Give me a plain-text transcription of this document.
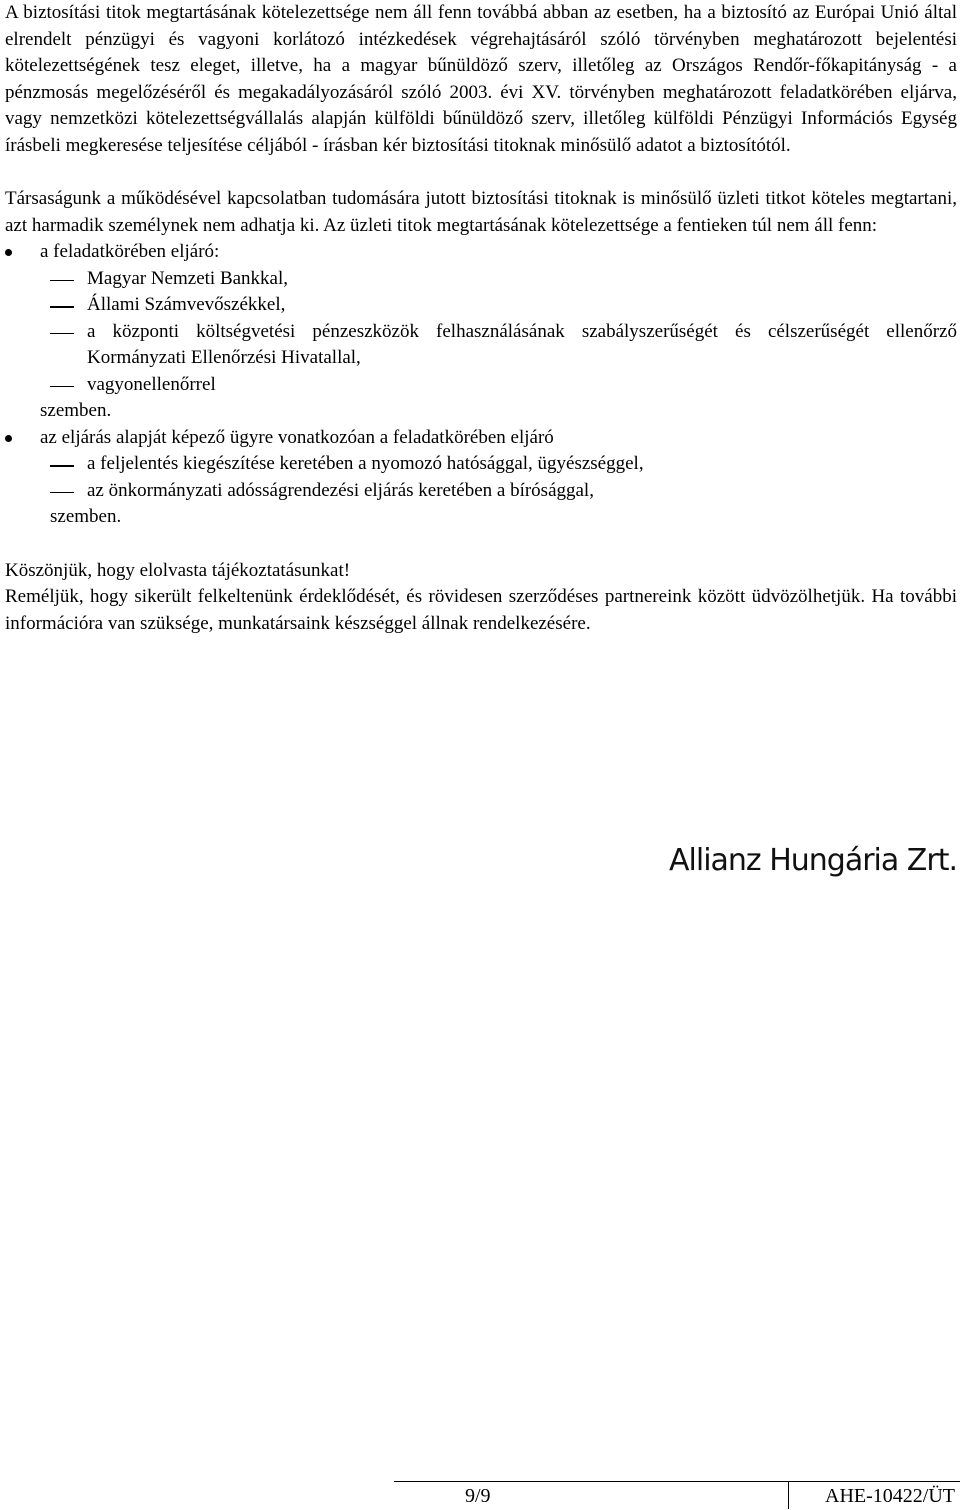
A biztosítási titok megtartásának kötelezettsége nem áll fenn továbbá abban az esetben, ha a biztosító az Európai Unió által elrendelt pénzügyi és vagyoni korlátozó intézkedések végrehajtásáról szóló törvényben meghatározott bejelentési kötelezettségének tesz eleget, illetve, ha a magyar bűnüldöző szerv, illetőleg az Országos Rendőr-főkapitányság - a pénzmosás megelőzéséről és megakadályozásáról szóló 2003. évi XV. törvényben meghatározott feladatkörében eljárva, vagy nemzetközi kötelezettségvállalás alapján külföldi bűnüldöző szerv, illetőleg külföldi Pénzügyi Információs Egység írásbeli megkeresése teljesítése céljából - írásban kér biztosítási titoknak minősülő adatot a biztosítótól.

Társaságunk a működésével kapcsolatban tudomására jutott biztosítási titoknak is minősülő üzleti titkot köteles megtartani, azt harmadik személynek nem adhatja ki. Az üzleti titok megtartásának kötelezettsége a fentieken túl nem áll fenn:

a feladatkörében eljáró:
Magyar Nemzeti Bankkal,
Állami Számvevőszékkel,
a központi költségvetési pénzeszközök felhasználásának szabályszerűségét és célszerűségét ellenőrző Kormányzati Ellenőrzési Hivatallal,
vagyonellenőrrel
szemben.
az eljárás alapját képező ügyre vonatkozóan a feladatkörében eljáró
a feljelentés kiegészítése keretében a nyomozó hatósággal, ügyészséggel,
az önkormányzati adósságrendezési eljárás keretében a bírósággal,
szemben.

Köszönjük, hogy elolvasta tájékoztatásunkat!

Reméljük, hogy sikerült felkeltenünk érdeklődését, és rövidesen szerződéses partnereink között üdvözölhetjük. Ha további információra van szüksége, munkatársaink készséggel állnak rendelkezésére.

Allianz Hungária Zrt.
9/9	AHE-10422/ÜT
